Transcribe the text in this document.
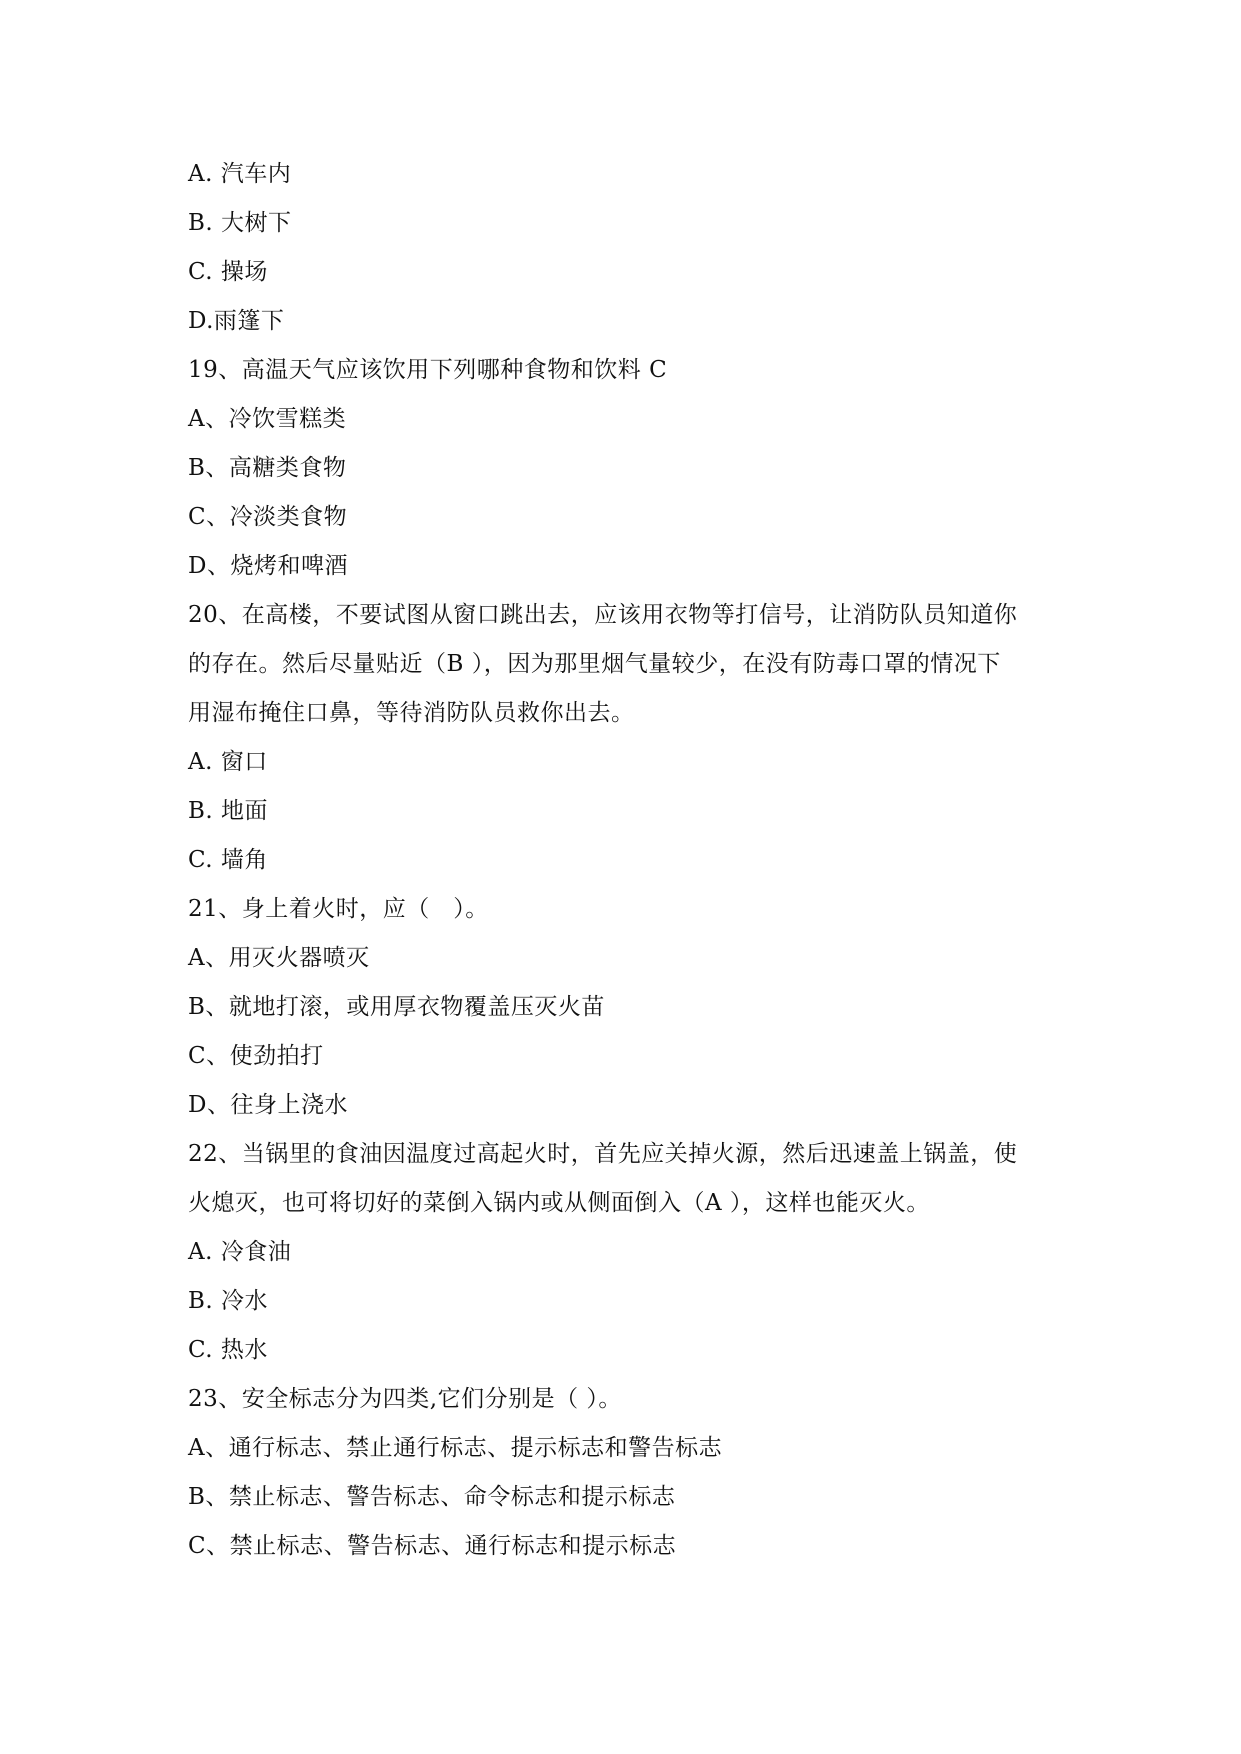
A. 汽车内
B. 大树下
C. 操场
D.雨篷下
19、高温天气应该饮用下列哪种食物和饮料 C
A、冷饮雪糕类
B、高糖类食物
C、冷淡类食物
D、烧烤和啤酒
20、在高楼，不要试图从窗口跳出去，应该用衣物等打信号，让消防队员知道你
的存在。然后尽量贴近（B ），因为那里烟气量较少，在没有防毒口罩的情况下
用湿布掩住口鼻，等待消防队员救你出去。
A. 窗口
B. 地面
C. 墙角
21、身上着火时，应（　）。
A、用灭火器喷灭
B、就地打滚，或用厚衣物覆盖压灭火苗
C、使劲拍打
D、往身上浇水
22、当锅里的食油因温度过高起火时，首先应关掉火源，然后迅速盖上锅盖，使
火熄灭，也可将切好的菜倒入锅内或从侧面倒入（A ），这样也能灭火。
A. 冷食油
B. 冷水
C. 热水
23、安全标志分为四类,它们分别是（ ）。
A、通行标志、禁止通行标志、提示标志和警告标志
B、禁止标志、警告标志、命令标志和提示标志
C、禁止标志、警告标志、通行标志和提示标志
